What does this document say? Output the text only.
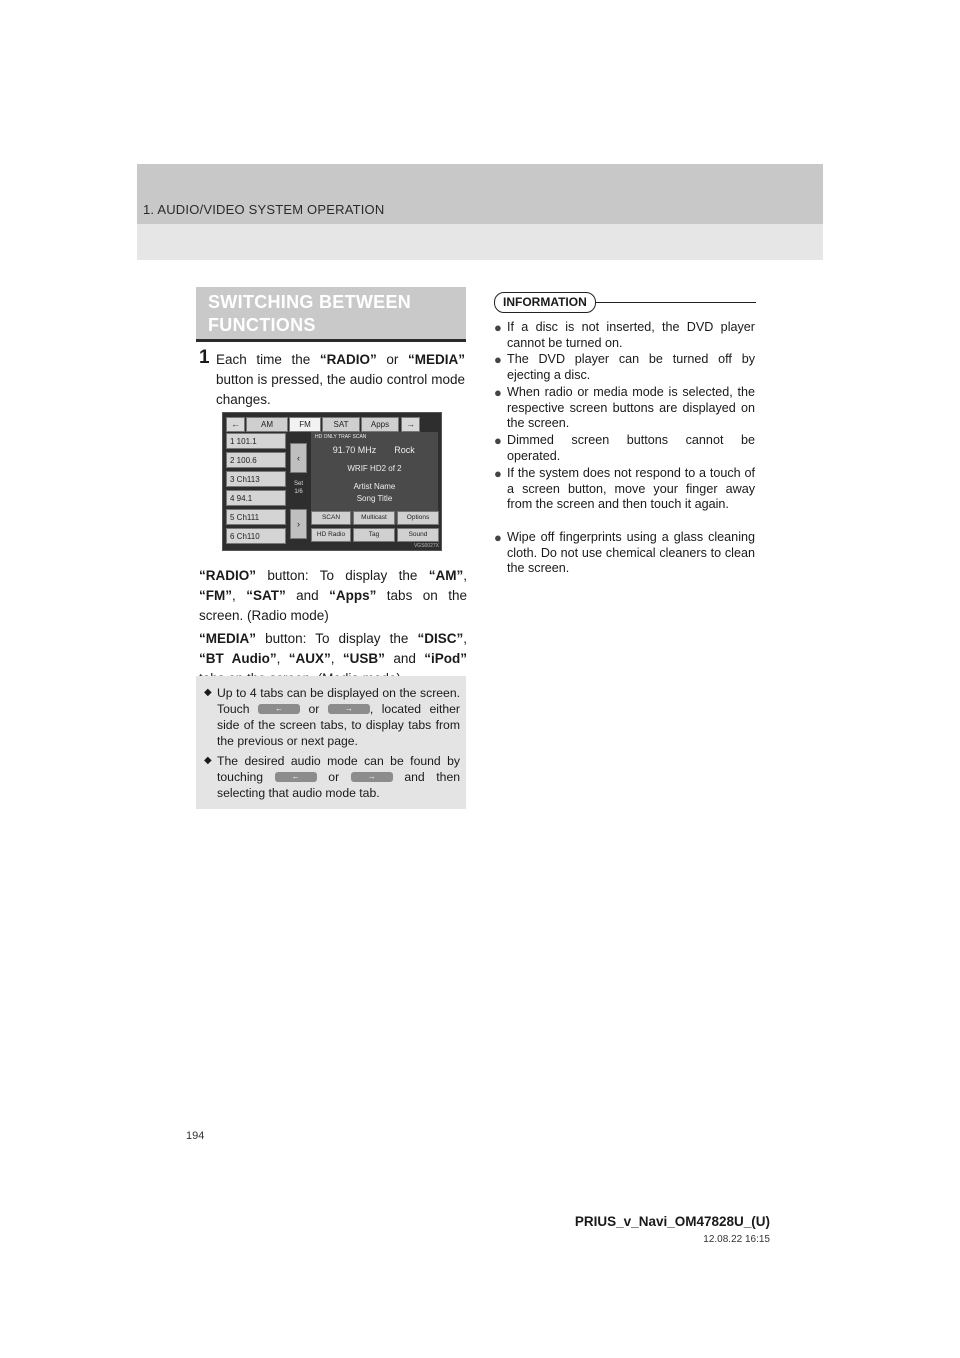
1. AUDIO/VIDEO SYSTEM OPERATION
SWITCHING BETWEEN
FUNCTIONS
1 Each time the “RADIO” or “MEDIA” button is pressed, the audio control mode changes.
←	AM	FM	SAT	Apps	→
1 101.1
2 100.6
3 Ch113
4 94.1
5 Ch111
6 Ch110
‹
Set 1/6
›
HD ONLY TRAF SCAN
91.70 MHz	Rock
WRIF HD2 of 2
Artist Name
Song Title
SCAN	Multicast	Options
HD Radio	Tag	Sound
VGS0027X
“RADIO” button: To display the “AM”, “FM”, “SAT” and “Apps” tabs on the screen. (Radio mode)
“MEDIA” button: To display the “DISC”, “BT Audio”, “AUX”, “USB” and “iPod”
◆ Up to 4 tabs can be displayed on the screen. Touch ← or → , located either side of the screen tabs, to display tabs from the previous or next page.
◆ The desired audio mode can be found by touching ← or → and then selecting that audio mode tab.
INFORMATION
● If a disc is not inserted, the DVD player cannot be turned on.
● The DVD player can be turned off by ejecting a disc.
● When radio or media mode is selected, the respective screen buttons are displayed on the screen.
● Dimmed screen buttons cannot be operated.
● If the system does not respond to a touch of a screen button, move your finger away from the screen and then touch it again.
● Wipe off fingerprints using a glass cleaning cloth. Do not use chemical cleaners to clean the screen.
194
PRIUS_v_Navi_OM47828U_(U)
12.08.22 16:15
